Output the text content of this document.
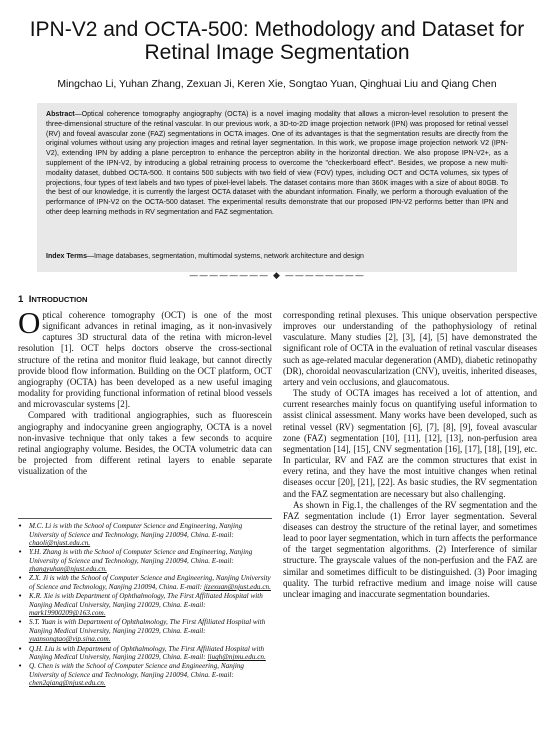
IPN-V2 and OCTA-500: Methodology and Dataset for Retinal Image Segmentation
Mingchao Li, Yuhan Zhang, Zexuan Ji, Keren Xie, Songtao Yuan, Qinghuai Liu and Qiang Chen

Abstract—Optical coherence tomography angiography (OCTA) is a novel imaging modality that allows a micron-level resolution to present the three-dimensional structure of the retinal vascular. In our previous work, a 3D-to-2D image projection network (IPN) was proposed for retinal vessel (RV) and foveal avascular zone (FAZ) segmentations in OCTA images. One of its advantages is that the segmentation results are directly from the original volumes without using any projection images and retinal layer segmentation. In this work, we propose image projection network V2 (IPN-V2), extending IPN by adding a plane perceptron to enhance the perceptron ability in the horizontal direction. We also propose IPN-V2+, as a supplement of the IPN-V2, by introducing a global retraining process to overcome the "checkerboard effect". Besides, we propose a new multi-modality dataset, dubbed OCTA-500. It contains 500 subjects with two field of view (FOV) types, including OCT and OCTA volumes, six types of projections, four types of text labels and two types of pixel-level labels. The dataset contains more than 360K images with a size of about 80GB. To the best of our knowledge, it is currently the largest OCTA dataset with the abundant information. Finally, we perform a thorough evaluation of the performance of IPN-V2 on the OCTA-500 dataset. The experimental results demonstrate that our proposed IPN-V2 performs better than IPN and other deep learning methods in RV segmentation and FAZ segmentation.

Index Terms—Image databases, segmentation, multimodal systems, network architecture and design

———————— ◆ ————————
1 INTRODUCTION

Optical coherence tomography (OCT) is one of the most significant advances in retinal imaging, as it non-invasively captures 3D structural data of the retina with micron-level resolution [1]. OCT helps doctors observe the cross-sectional structure of the retina and monitor fluid leakage, but cannot directly provide blood flow information. Building on the OCT platform, OCT angiography (OCTA) has been developed as a new useful imaging modality for providing functional information of retinal blood vessels and microvascular systems [2].

Compared with traditional angiographies, such as fluorescein angiography and indocyanine green angiography, OCTA is a novel non-invasive technique that only takes a few seconds to acquire retinal angiography volume. Besides, the OCTA volumetric data can be projected from different retinal layers to enable separate visualization of the

• M.C. Li is with the School of Computer Science and Engineering, Nanjing University of Science and Technology, Nanjing 210094, China. E-mail: chaoli@njust.edu.cn.
• Y.H. Zhang is with the School of Computer Science and Engineering, Nanjing University of Science and Technology, Nanjing 210094, China. E-mail: zhangyuhan@njust.edu.cn.
• Z.X. Ji is with the School of Computer Science and Engineering, Nanjing University of Science and Technology, Nanjing 210094, China. E-mail: jizexuan@njust.edu.cn.
• K.R. Xie is with Department of Ophthalmology, The First Affiliated Hospital with Nanjing Medical University, Nanjing 210029, China. E-mail: mark19900209@163.com.
• S.T. Yuan is with Department of Ophthalmology, The First Affiliated Hospital with Nanjing Medical University, Nanjing 210029, China. E-mail: yuansongtao@vip.sina.com.
• Q.H. Liu is with Department of Ophthalmology, The First Affiliated Hospital with Nanjing Medical University, Nanjing 210029, China. E-mail: liuqh@njmu.edu.cn.
• Q. Chen is with the School of Computer Science and Engineering, Nanjing University of Science and Technology, Nanjing 210094, China. E-mail: chen2qiang@njust.edu.cn.

corresponding retinal plexuses. This unique observation perspective improves our understanding of the pathophysiology of retinal vasculature. Many studies [2], [3], [4], [5] have demonstrated the significant role of OCTA in the evaluation of retinal vascular diseases such as age-related macular degeneration (AMD), diabetic retinopathy (DR), choroidal neovascularization (CNV), uveitis, inherited diseases, artery and vein occlusions, and glaucomatous.

The study of OCTA images has received a lot of attention, and current researches mainly focus on quantifying useful information to assist clinical assessment. Many works have been developed, such as retinal vessel (RV) segmentation [6], [7], [8], [9], foveal avascular zone (FAZ) segmentation [10], [11], [12], [13], non-perfusion area segmentation [14], [15], CNV segmentation [16], [17], [18], [19], etc. In particular, RV and FAZ are the common structures that exist in every retina, and they have the most intuitive changes when retinal diseases occur [20], [21], [22]. As basic studies, the RV segmentation and the FAZ segmentation are necessary but also challenging.

As shown in Fig.1, the challenges of the RV segmentation and the FAZ segmentation include (1) Error layer segmentation. Several diseases can destroy the structure of the retinal layer, and sometimes lead to poor layer segmentation, which in turn affects the performance of the target segmentation algorithms. (2) Interference of similar structure. The grayscale values of the non-perfusion and the FAZ are similar and sometimes difficult to be distinguished. (3) Poor imaging quality. The turbid refractive medium and image noise will cause unclear imaging and inaccurate segmentation boundaries.
